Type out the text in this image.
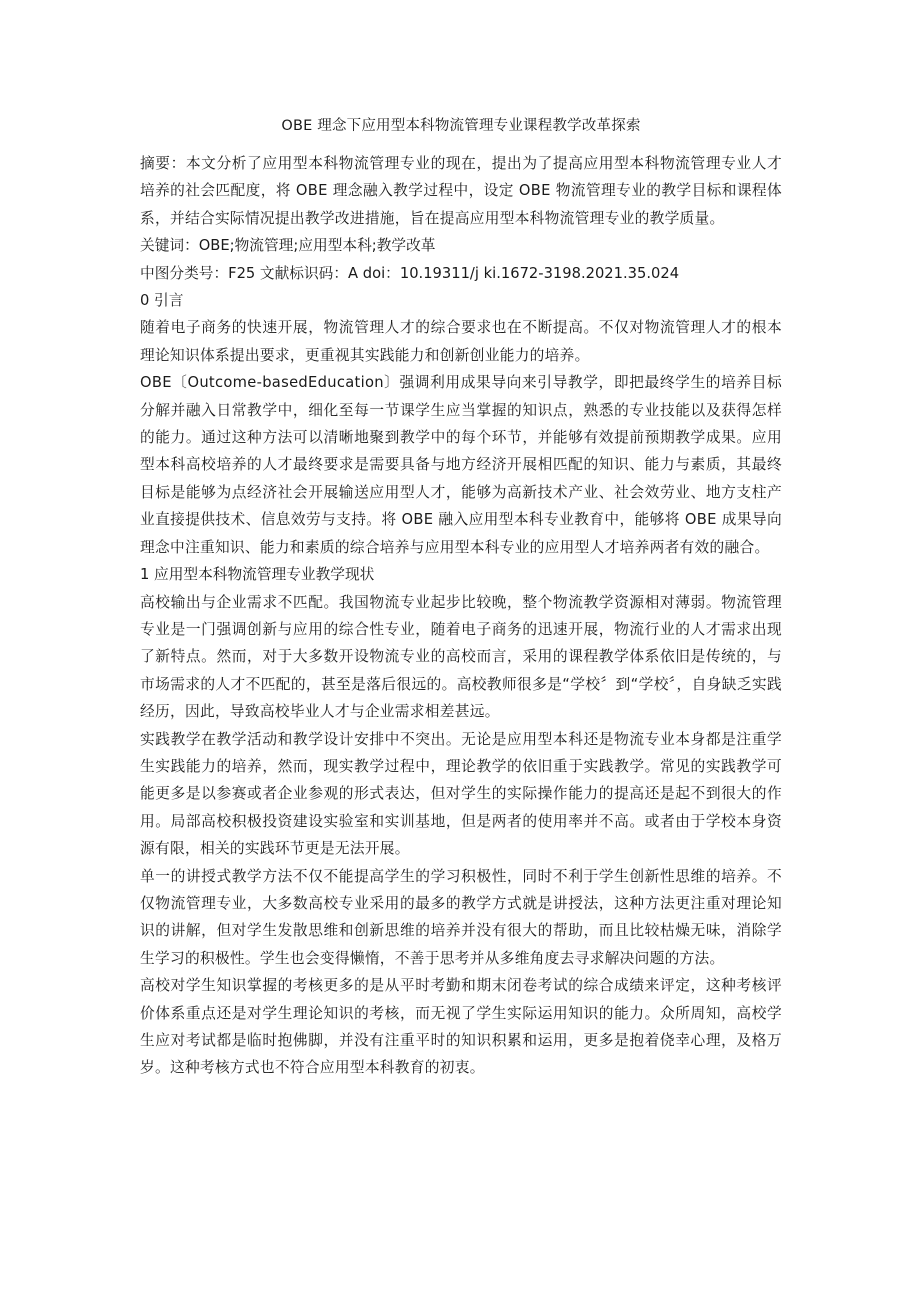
OBE 理念下应用型本科物流管理专业课程教学改革探索

摘要：本文分析了应用型本科物流管理专业的现在，提出为了提高应用型本科物流管理专业人才培养的社会匹配度，将 OBE 理念融入教学过程中，设定 OBE 物流管理专业的教学目标和课程体系，并结合实际情况提出教学改进措施，旨在提高应用型本科物流管理专业的教学质量。

关键词：OBE;物流管理;应用型本科;教学改革

中图分类号：F25 文献标识码：A doi：10.19311/j ki.1672-3198.2021.35.024

0 引言

随着电子商务的快速开展，物流管理人才的综合要求也在不断提高。不仅对物流管理人才的根本理论知识体系提出要求，更重视其实践能力和创新创业能力的培养。

OBE〔Outcome-basedEducation〕强调利用成果导向来引导教学，即把最终学生的培养目标分解并融入日常教学中，细化至每一节课学生应当掌握的知识点，熟悉的专业技能以及获得怎样的能力。通过这种方法可以清晰地聚到教学中的每个环节，并能够有效提前预期教学成果。应用型本科高校培养的人才最终要求是需要具备与地方经济开展相匹配的知识、能力与素质，其最终目标是能够为点经济社会开展输送应用型人才，能够为高新技术产业、社会效劳业、地方支柱产业直接提供技术、信息效劳与支持。将 OBE 融入应用型本科专业教育中，能够将 OBE 成果导向理念中注重知识、能力和素质的综合培养与应用型本科专业的应用型人才培养两者有效的融合。

1 应用型本科物流管理专业教学现状

高校输出与企业需求不匹配。我国物流专业起步比较晚，整个物流教学资源相对薄弱。物流管理专业是一门强调创新与应用的综合性专业，随着电子商务的迅速开展，物流行业的人才需求出现了新特点。然而，对于大多数开设物流专业的高校而言，采用的课程教学体系依旧是传统的，与市场需求的人才不匹配的，甚至是落后很远的。高校教师很多是“学校〞到“学校〞，自身缺乏实践经历，因此，导致高校毕业人才与企业需求相差甚远。

实践教学在教学活动和教学设计安排中不突出。无论是应用型本科还是物流专业本身都是注重学生实践能力的培养，然而，现实教学过程中，理论教学的依旧重于实践教学。常见的实践教学可能更多是以参赛或者企业参观的形式表达，但对学生的实际操作能力的提高还是起不到很大的作用。局部高校积极投资建设实验室和实训基地，但是两者的使用率并不高。或者由于学校本身资源有限，相关的实践环节更是无法开展。

单一的讲授式教学方法不仅不能提高学生的学习积极性，同时不利于学生创新性思维的培养。不仅物流管理专业，大多数高校专业采用的最多的教学方式就是讲授法，这种方法更注重对理论知识的讲解，但对学生发散思维和创新思维的培养并没有很大的帮助，而且比较枯燥无味，消除学生学习的积极性。学生也会变得懒惰，不善于思考并从多维角度去寻求解决问题的方法。

高校对学生知识掌握的考核更多的是从平时考勤和期末闭卷考试的综合成绩来评定，这种考核评价体系重点还是对学生理论知识的考核，而无视了学生实际运用知识的能力。众所周知，高校学生应对考试都是临时抱佛脚，并没有注重平时的知识积累和运用，更多是抱着侥幸心理，及格万岁。这种考核方式也不符合应用型本科教育的初衷。
